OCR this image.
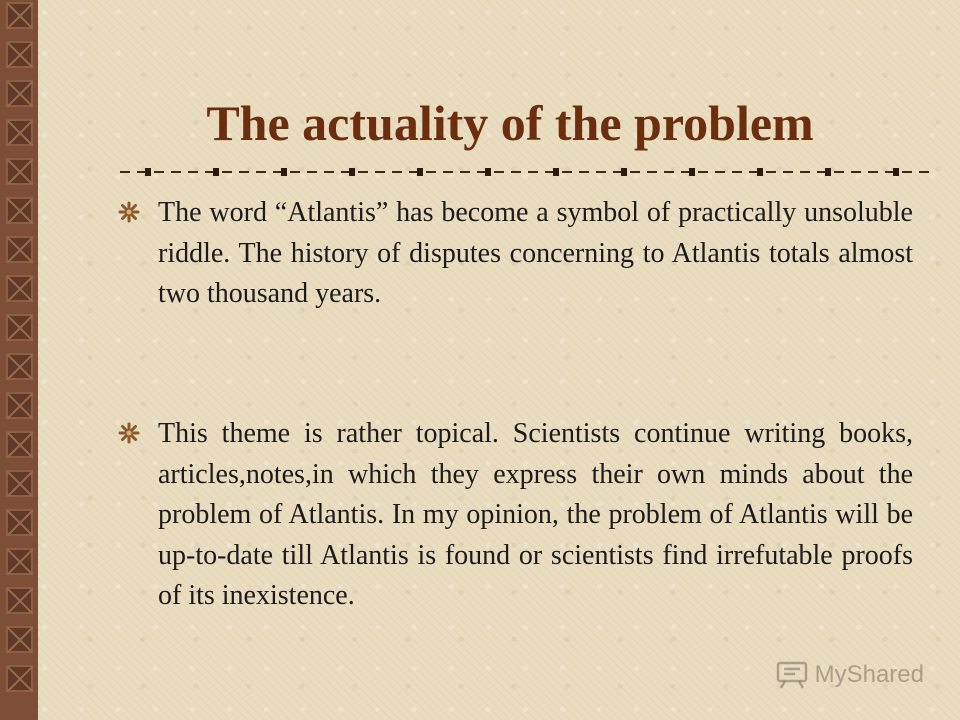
The actuality of the problem
The word “Atlantis” has become a symbol of practically unsoluble riddle. The history of disputes concerning to Atlantis totals almost two thousand years.
This theme is rather topical. Scientists continue writing books, articles,notes,in which they express their own minds about the problem of Atlantis. In my opinion, the problem of Atlantis will be up-to-date till Atlantis is found or scientists find irrefutable proofs of its inexistence.
MyShared
